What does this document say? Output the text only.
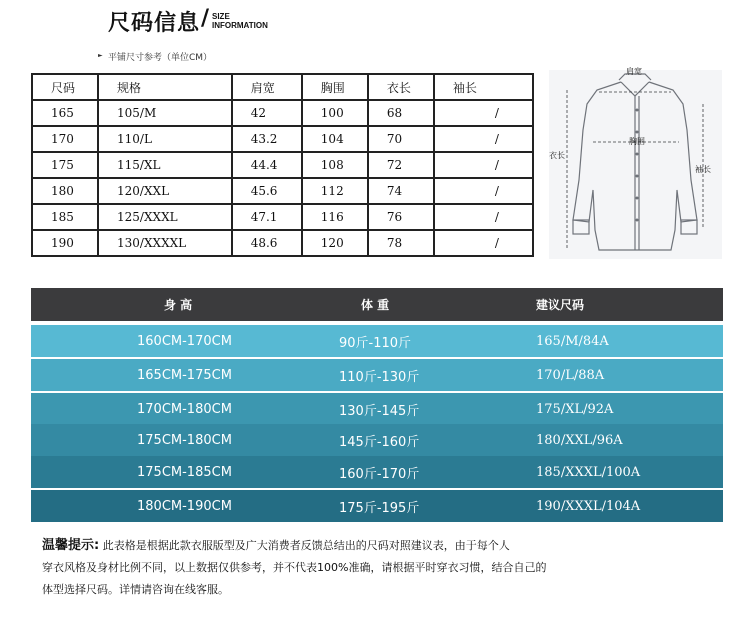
尺码信息 / SIZE
INFORMATION
► 平铺尺寸参考（单位CM）
尺码	规格	肩宽	胸围	衣长	袖长
165	105/M	42	100	68	/
170	110/L	43.2	104	70	/
175	115/XL	44.4	108	72	/
180	120/XXL	45.6	112	74	/
185	125/XXXL	47.1	116	76	/
190	130/XXXXL	48.6	120	78	/
肩宽
胸围
衣长
袖长
身 高	体 重	建议尺码
160CM-170CM	90斤-110斤	165/M/84A
165CM-175CM	110斤-130斤	170/L/88A
170CM-180CM	130斤-145斤	175/XL/92A
175CM-180CM	145斤-160斤	180/XXL/96A
175CM-185CM	160斤-170斤	185/XXXL/100A
180CM-190CM	175斤-195斤	190/XXXL/104A
温馨提示: 此表格是根据此款衣服版型及广大消费者反馈总结出的尺码对照建议表，由于每个人
穿衣风格及身材比例不同，以上数据仅供参考，并不代表100%准确，请根据平时穿衣习惯，结合自己的
体型选择尺码。详情请咨询在线客服。
